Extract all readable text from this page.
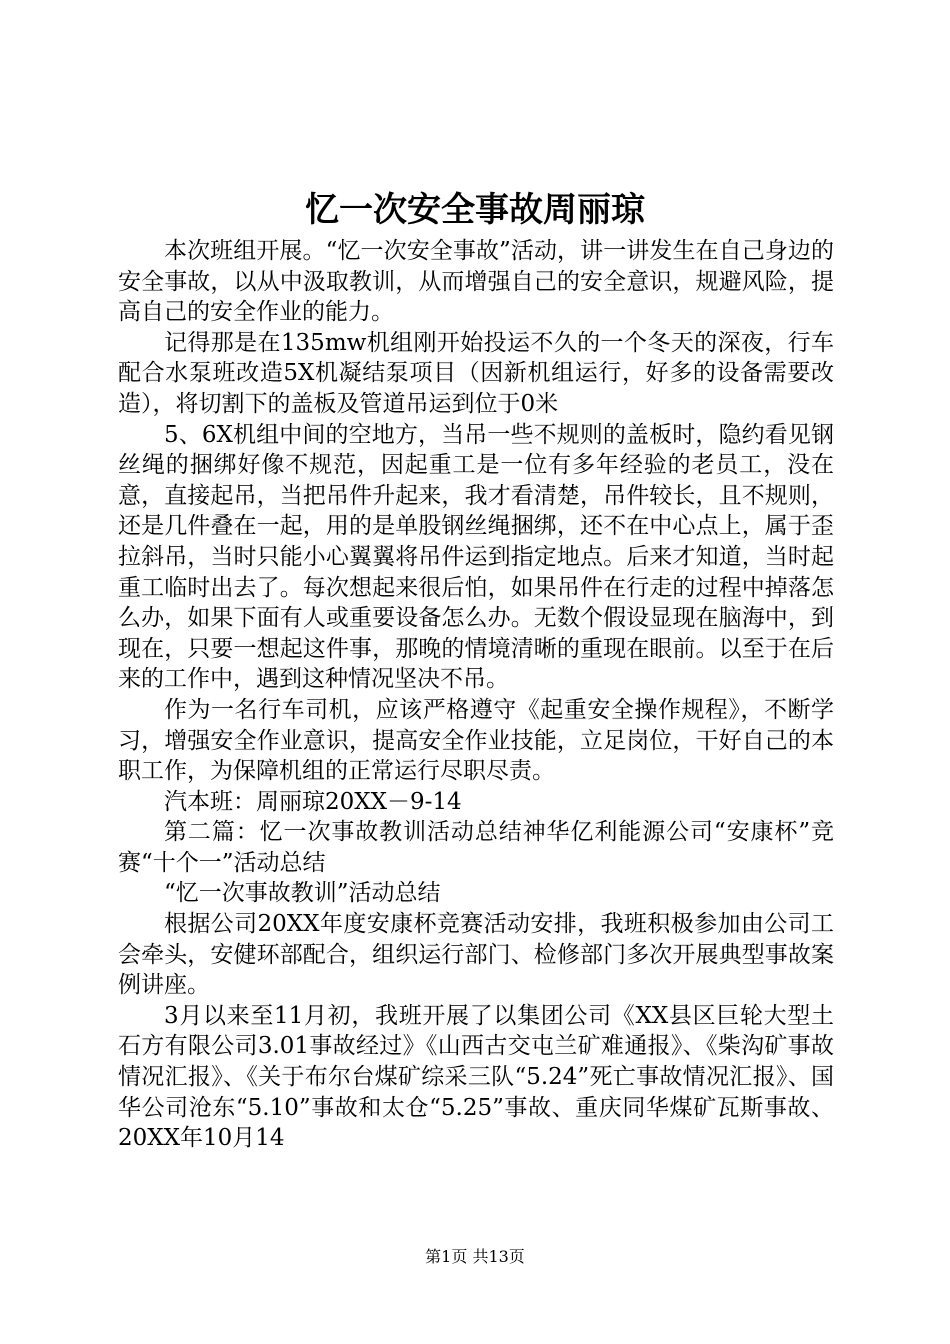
忆一次安全事故周丽琼

本次班组开展。“忆一次安全事故”活动，讲一讲发生在自己身边的安全事故，以从中汲取教训，从而增强自己的安全意识，规避风险，提高自己的安全作业的能力。

记得那是在135mw机组刚开始投运不久的一个冬天的深夜，行车配合水泵班改造5X机凝结泵项目（因新机组运行，好多的设备需要改造），将切割下的盖板及管道吊运到位于0米

5、6X机组中间的空地方，当吊一些不规则的盖板时，隐约看见钢丝绳的捆绑好像不规范，因起重工是一位有多年经验的老员工，没在意，直接起吊，当把吊件升起来，我才看清楚，吊件较长，且不规则，还是几件叠在一起，用的是单股钢丝绳捆绑，还不在中心点上，属于歪拉斜吊，当时只能小心翼翼将吊件运到指定地点。后来才知道，当时起重工临时出去了。每次想起来很后怕，如果吊件在行走的过程中掉落怎么办，如果下面有人或重要设备怎么办。无数个假设显现在脑海中，到现在，只要一想起这件事，那晚的情境清晰的重现在眼前。以至于在后来的工作中，遇到这种情况坚决不吊。

作为一名行车司机，应该严格遵守《起重安全操作规程》，不断学习，增强安全作业意识，提高安全作业技能，立足岗位，干好自己的本职工作，为保障机组的正常运行尽职尽责。

汽本班：周丽琼20XX－9-14

第二篇：忆一次事故教训活动总结神华亿利能源公司“安康杯”竞赛“十个一”活动总结

“忆一次事故教训”活动总结

根据公司20XX年度安康杯竞赛活动安排，我班积极参加由公司工会牵头，安健环部配合，组织运行部门、检修部门多次开展典型事故案例讲座。

3月以来至11月初，我班开展了以集团公司《XX县区巨轮大型土石方有限公司3.01事故经过》《山西古交屯兰矿难通报》、《柴沟矿事故情况汇报》、《关于布尔台煤矿综采三队“5.24”死亡事故情况汇报》、国华公司沧东“5.10”事故和太仓“5.25”事故、重庆同华煤矿瓦斯事故、20XX年10月14

第1页 共13页
